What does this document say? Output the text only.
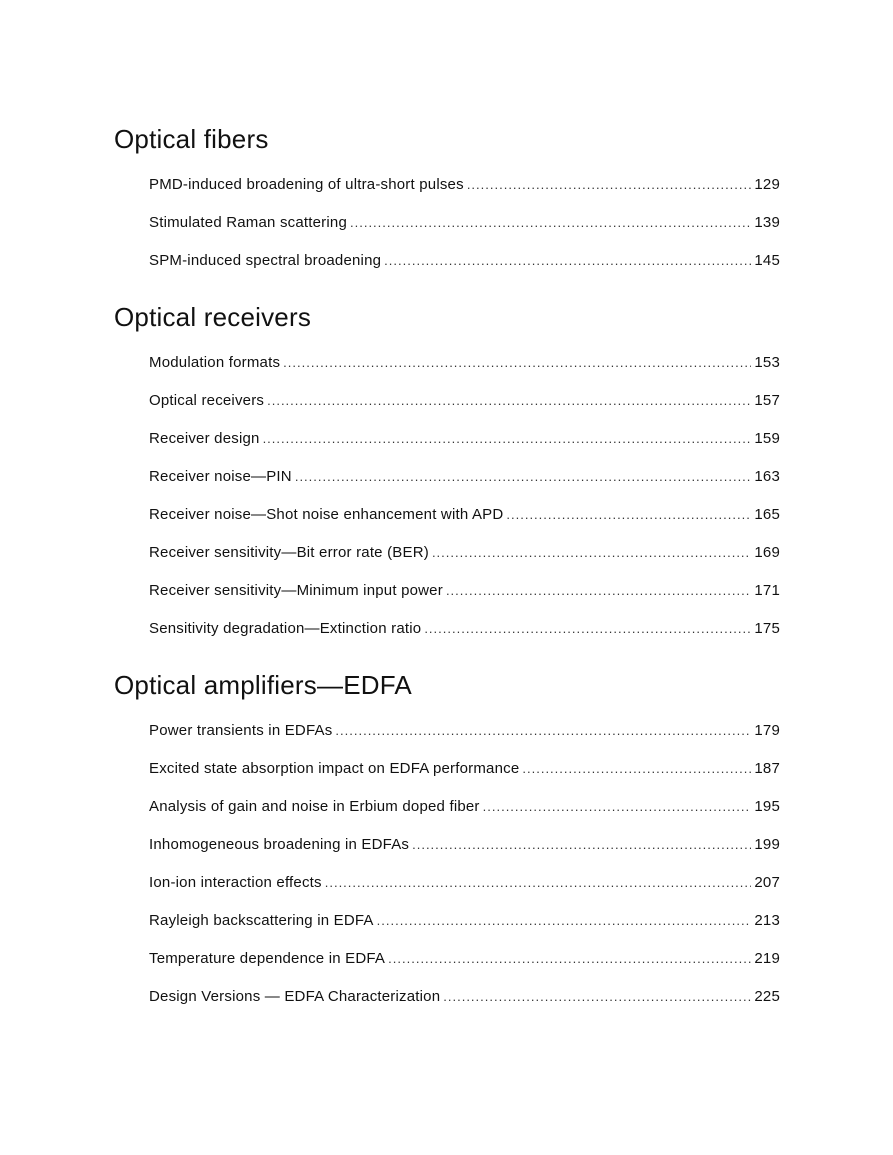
Optical fibers
PMD-induced broadening of ultra-short pulses .....	129
Stimulated Raman scattering .....	139
SPM-induced spectral broadening .....	145
Optical receivers
Modulation formats .....	153
Optical receivers .....	157
Receiver design .....	159
Receiver noise—PIN .....	163
Receiver noise—Shot noise enhancement with APD .....	165
Receiver sensitivity—Bit error rate (BER) .....	169
Receiver sensitivity—Minimum input power .....	171
Sensitivity degradation—Extinction ratio .....	175
Optical amplifiers—EDFA
Power transients in EDFAs .....	179
Excited state absorption impact on EDFA performance .....	187
Analysis of gain and noise in Erbium doped fiber .....	195
Inhomogeneous broadening in EDFAs .....	199
Ion-ion interaction effects .....	207
Rayleigh backscattering in EDFA .....	213
Temperature dependence in EDFA .....	219
Design Versions — EDFA Characterization .....	225
